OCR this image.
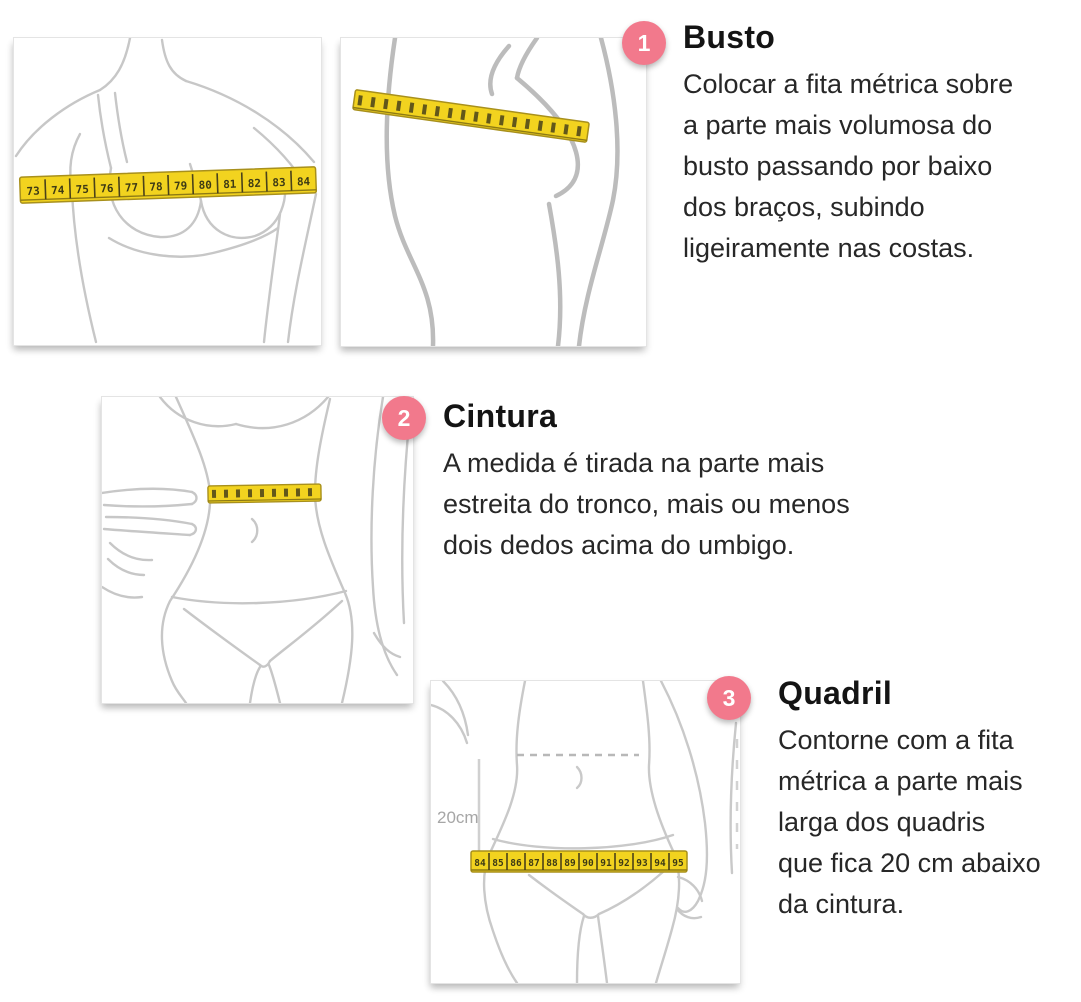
73 74 75 76 77 78 79 80 81 82 83 84
1 Busto
Colocar a fita métrica sobre
a parte mais volumosa do
busto passando por baixo
dos braços, subindo
ligeiramente nas costas.
2 Cintura
A medida é tirada na parte mais
estreita do tronco, mais ou menos
dois dedos acima do umbigo.
20cm
84 85 86 87 88 89 90 91 92 93 94 95
3 Quadril
Contorne com a fita
métrica a parte mais
larga dos quadris
que fica 20 cm abaixo
da cintura.
